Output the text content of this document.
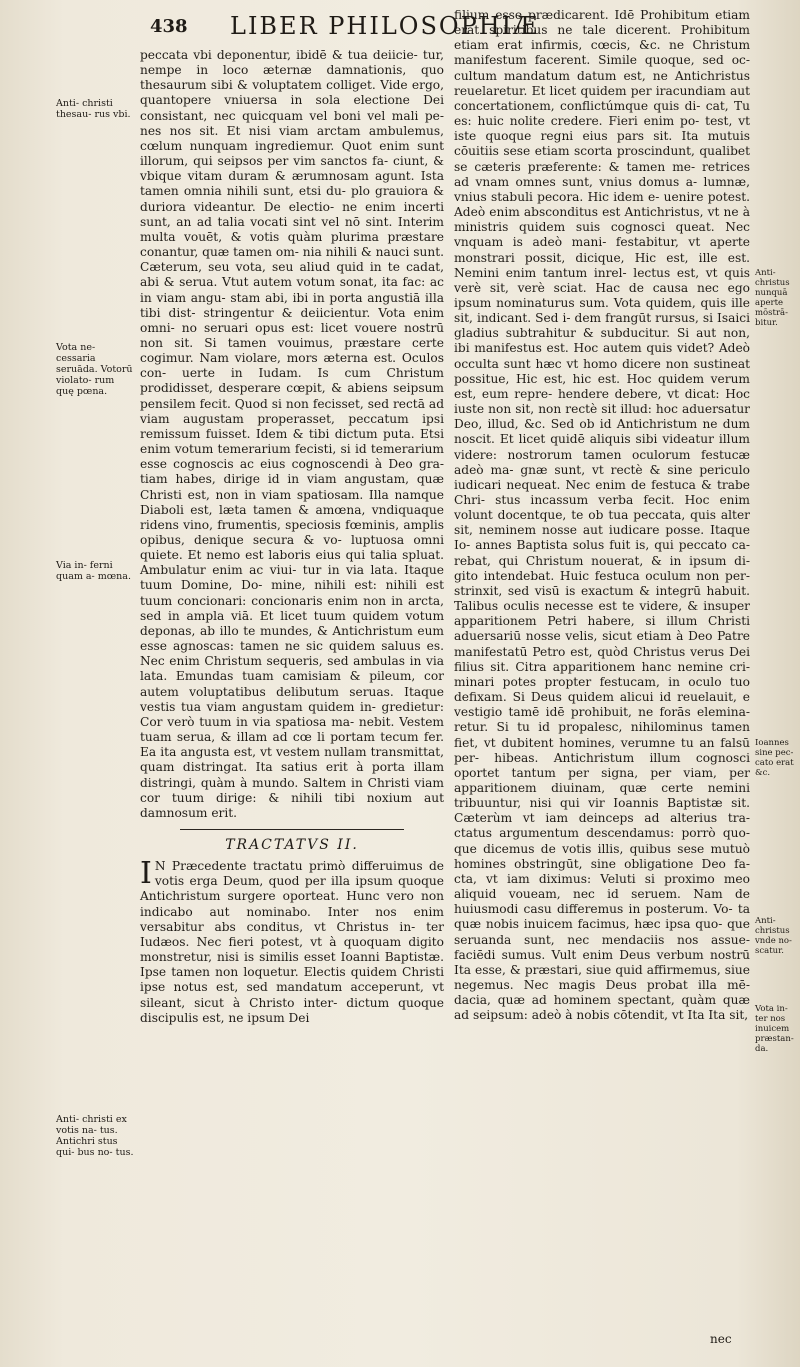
438 LIBER PHILOSOPHIÆ
Anti- christi thesau- rus vbi.
Vota ne- cessaria seruāda. Votorū violato- rum quę pœna.
Via in- ferni quam a- mœna.
Anti- christi ex votis na- tus. Antichri stus qui- bus no- tus.

peccata vbi deponentur, ibidē & tua deiicie- tur, nempe in loco æternæ damnationis, quo thesaurum sibi & voluptatem colliget. Vide ergo, quantopere vniuersa in sola electione Dei consistant, nec quicquam vel boni vel mali pe- nes nos sit. Et nisi viam arctam ambulemus, cœlum nunquam ingrediemur. Quot enim sunt illorum, qui seipsos per vim sanctos fa- ciunt, & vbique vitam duram & ærumnosam agunt. Ista tamen omnia nihili sunt, etsi du- plo grauiora & duriora videantur. De electio- ne enim incerti sunt, an ad talia vocati sint vel nō sint. Interim multa vouēt, & votis quàm plurima præstare conantur, quæ tamen om- nia nihili & nauci sunt. Cæterum, seu vota, seu aliud quid in te cadat, abi & serua. Vtut autem votum sonat, ita fac: ac in viam angu- stam abi, ibi in porta angustiā illa tibi dist- stringentur & deiicientur. Vota enim omni- no seruari opus est: licet vouere nostrū non sit. Si tamen vouimus, præstare certe cogimur. Nam violare, mors æterna est. Oculos con- uerte in Iudam. Is cum Christum prodidisset, desperare cœpit, & abiens seipsum pensilem fecit. Quod si non fecisset, sed rectā ad viam augustam properasset, peccatum ipsi remissum fuisset. Idem & tibi dictum puta. Etsi enim votum temerarium fecisti, si id temerarium esse cognoscis ac eius cognoscendi à Deo gra- tiam habes, dirige id in viam angustam, quæ Christi est, non in viam spatiosam. Illa namque Diaboli est, læta tamen & amœna, vndiquaque ridens vino, frumentis, speciosis fœminis, amplis opibus, denique secura & vo- luptuosa omni quiete. Et nemo est laboris eius qui talia spluat. Ambulatur enim ac viui- tur in via lata. Itaque tuum Domine, Do- mine, nihili est: nihili est tuum concionari: concionaris enim non in arcta, sed in ampla viā. Et licet tuum quidem votum deponas, ab illo te mundes, & Antichristum eum esse agnoscas: tamen ne sic quidem saluus es. Nec enim Christum sequeris, sed ambulas in via lata. Emundas tuam camisiam & pileum, cor autem voluptatibus delibutum seruas. Itaque vestis tua viam angustam quidem in- gredietur: Cor verò tuum in via spatiosa ma- nebit. Vestem tuam serua, & illam ad cœ li portam tecum fer. Ea ita angusta est, vt vestem nullam transmittat, quam distringat. Ita satius erit à porta illam distringi, quàm à mundo. Saltem in Christi viam cor tuum dirige: & nihili tibi noxium aut damnosum erit.

TRACTATVS II.

I N Præcedente tractatu primò differuimus de votis erga Deum, quod per illa ipsum quoque Antichristum surgere oporteat. Hunc vero non indicabo aut nominabo. Inter nos enim versabitur abs conditus, vt Christus in- ter Iudæos. Nec fieri potest, vt à quoquam digito monstretur, nisi is similis esset Ioanni Baptistæ. Ipse tamen non loquetur. Electis quidem Christi ipse notus est, sed mandatum acceperunt, vt sileant, sicut à Christo inter- dictum quoque discipulis est, ne ipsum Dei

filium esse prædicarent. Idē Prohibitum etiam erat spiritibus ne tale dicerent. Prohibitum etiam erat infirmis, cœcis, &c. ne Christum manifestum facerent. Simile quoque, sed oc- cultum mandatum datum est, ne Antichristus reuelaretur. Et licet quidem per iracundiam aut concertationem, conflictúmque quis di- cat, Tu es: huic nolite credere. Fieri enim po- test, vt iste quoque regni eius pars sit. Ita mutuis cōuitiis sese etiam scorta proscindunt, qualibet se cæteris præferente: & tamen me- retrices ad vnam omnes sunt, vnius domus a- lumnæ, vnius stabuli pecora. Hic idem e- uenire potest. Adeò enim absconditus est Antichristus, vt ne à ministris quidem suis cognosci queat. Nec vnquam is adeò mani- festabitur, vt aperte monstrari possit, dicique, Hic est, ille est. Nemini enim tantum inrel- lectus est, vt quis verè sit, verè sciat. Hac de causa nec ego ipsum nominaturus sum. Vota quidem, quis ille sit, indicant. Sed i- dem frangūt rursus, si Isaici gladius subtrahitur & subducitur. Si aut non, ibi manifestus est. Hoc autem quis videt? Adeò occulta sunt hæc vt homo dicere non sustineat possitue, Hic est, hic est. Hoc quidem verum est, eum repre- hendere debere, vt dicat: Hoc iuste non sit, non rectè sit illud: hoc aduersatur Deo, illud, &c. Sed ob id Antichristum ne dum noscit. Et licet quidē aliquis sibi videatur illum videre: nostrorum tamen oculorum festucæ adeò ma- gnæ sunt, vt rectè & sine periculo iudicari nequeat. Nec enim de festuca & trabe Chri- stus incassum verba fecit. Hoc enim volunt docentque, te ob tua peccata, quis alter sit, neminem nosse aut iudicare posse. Itaque Io- annes Baptista solus fuit is, qui peccato ca- rebat, qui Christum nouerat, & in ipsum di- gito intendebat. Huic festuca oculum non per- strinxit, sed visū is exactum & integrū habuit. Talibus oculis necesse est te videre, & insuper apparitionem Petri habere, si illum Christi aduersariū nosse velis, sicut etiam à Deo Patre manifestatū Petro est, quòd Christus verus Dei filius sit. Citra apparitionem hanc nemine cri- minari potes propter festucam, in oculo tuo defixam. Si Deus quidem alicui id reuelauit, e vestigio tamē idē prohibuit, ne forās elemina- retur. Si tu id propalesc, nihilominus tamen fiet, vt dubitent homines, verumne tu an falsū per- hibeas. Antichristum illum cognosci oportet tantum per signa, per viam, per apparitionem diuinam, quæ certe nemini tribuuntur, nisi qui vir Ioannis Baptistæ sit. Cæterùm vt iam deinceps ad alterius tra- ctatus argumentum descendamus: porrò quo- que dicemus de votis illis, quibus sese mutuò homines obstringūt, sine obligatione Deo fa- cta, vt iam diximus: Veluti si proximo meo aliquid voueam, nec id seruem. Nam de huiusmodi casu differemus in posterum. Vo- ta quæ nobis inuicem facimus, hæc ipsa quo- que seruanda sunt, nec mendaciis nos assue- faciēdi sumus. Vult enim Deus verbum nostrū Ita esse, & præstari, siue quid affirmemus, siue negemus. Nec magis Deus probat illa mē- dacia, quæ ad hominem spectant, quàm quæ ad seipsum: adeò à nobis cōtendit, vt Ita Ita sit,

Anti- christus nunquā aperte mōstrā- bitur.
Ioannes sine pec- cato erat &c.
Anti- christus vnde no- scatur.
Vota in- ter nos inuicem præstan- da.
nec
